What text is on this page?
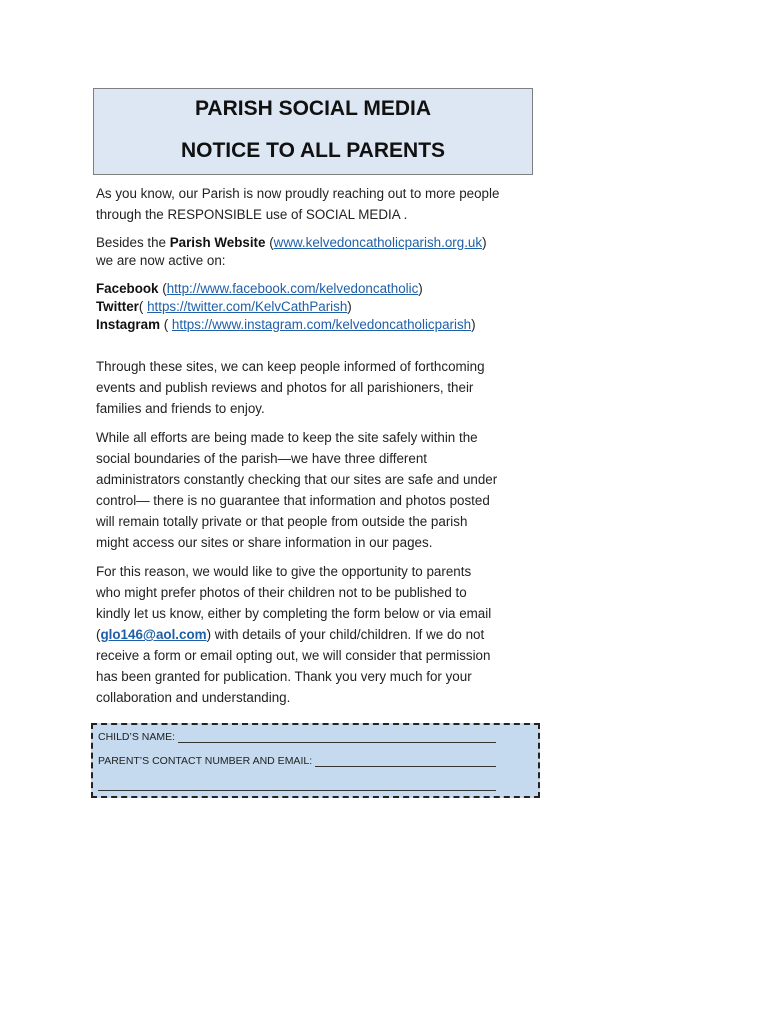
PARISH SOCIAL MEDIA
NOTICE TO ALL PARENTS

As you know, our Parish is now proudly reaching out to more people
through the RESPONSIBLE use of SOCIAL MEDIA .

Besides the Parish Website (www.kelvedoncatholicparish.org.uk)
we are now active on:

Facebook (http://www.facebook.com/kelvedoncatholic)
Twitter( https://twitter.com/KelvCathParish)
Instagram ( https://www.instagram.com/kelvedoncatholicparish)

Through these sites, we can keep people informed of forthcoming
events and publish reviews and photos for all parishioners, their
families and friends to enjoy.

While all efforts are being made to keep the site safely within the
social boundaries of the parish—we have three different
administrators constantly checking that our sites are safe and under
control— there is no guarantee that information and photos posted
will remain totally private or that people from outside the parish
might access our sites or share information in our pages.

For this reason, we would like to give the opportunity to parents
who might prefer photos of their children not to be published to
kindly let us know, either by completing the form below or via email
(glo146@aol.com) with details of your child/children. If we do not
receive a form or email opting out, we will consider that permission
has been granted for publication. Thank you very much for your
collaboration and understanding.

CHILD’S NAME:
PARENT’S CONTACT NUMBER AND EMAIL:
